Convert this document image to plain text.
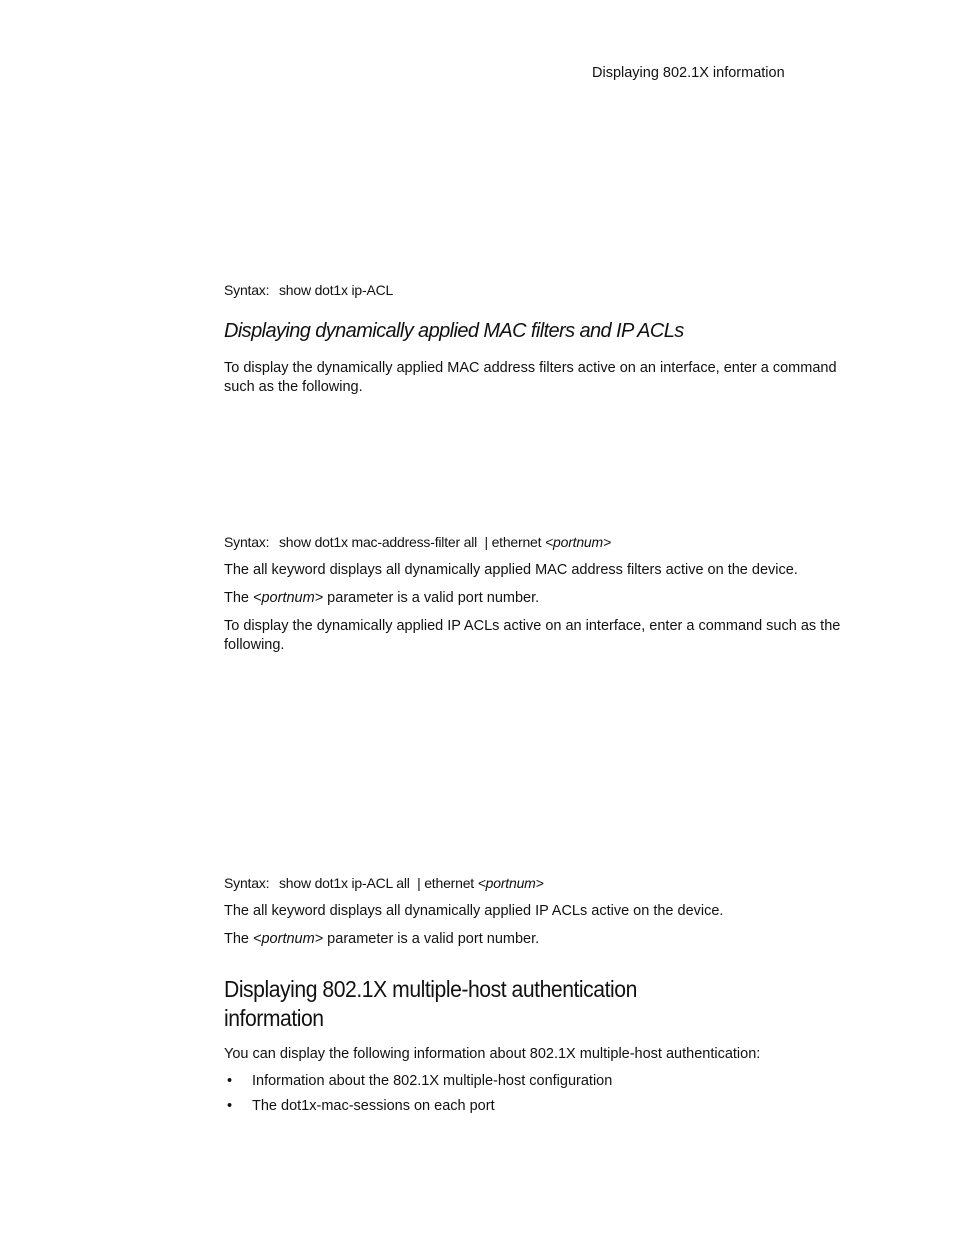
Displaying 802.1X information
Syntax: show dot1x ip-ACL
Displaying dynamically applied MAC filters and IP ACLs
To display the dynamically applied MAC address filters active on an interface, enter a command such as the following.
Syntax: show dot1x mac-address-filter all | ethernet <portnum>
The all keyword displays all dynamically applied MAC address filters active on the device.
The <portnum> parameter is a valid port number.
To display the dynamically applied IP ACLs active on an interface, enter a command such as the following.
Syntax: show dot1x ip-ACL all | ethernet <portnum>
The all keyword displays all dynamically applied IP ACLs active on the device.
The <portnum> parameter is a valid port number.
Displaying 802.1X multiple-host authentication information
You can display the following information about 802.1X multiple-host authentication:
• Information about the 802.1X multiple-host configuration
• The dot1x-mac-sessions on each port
